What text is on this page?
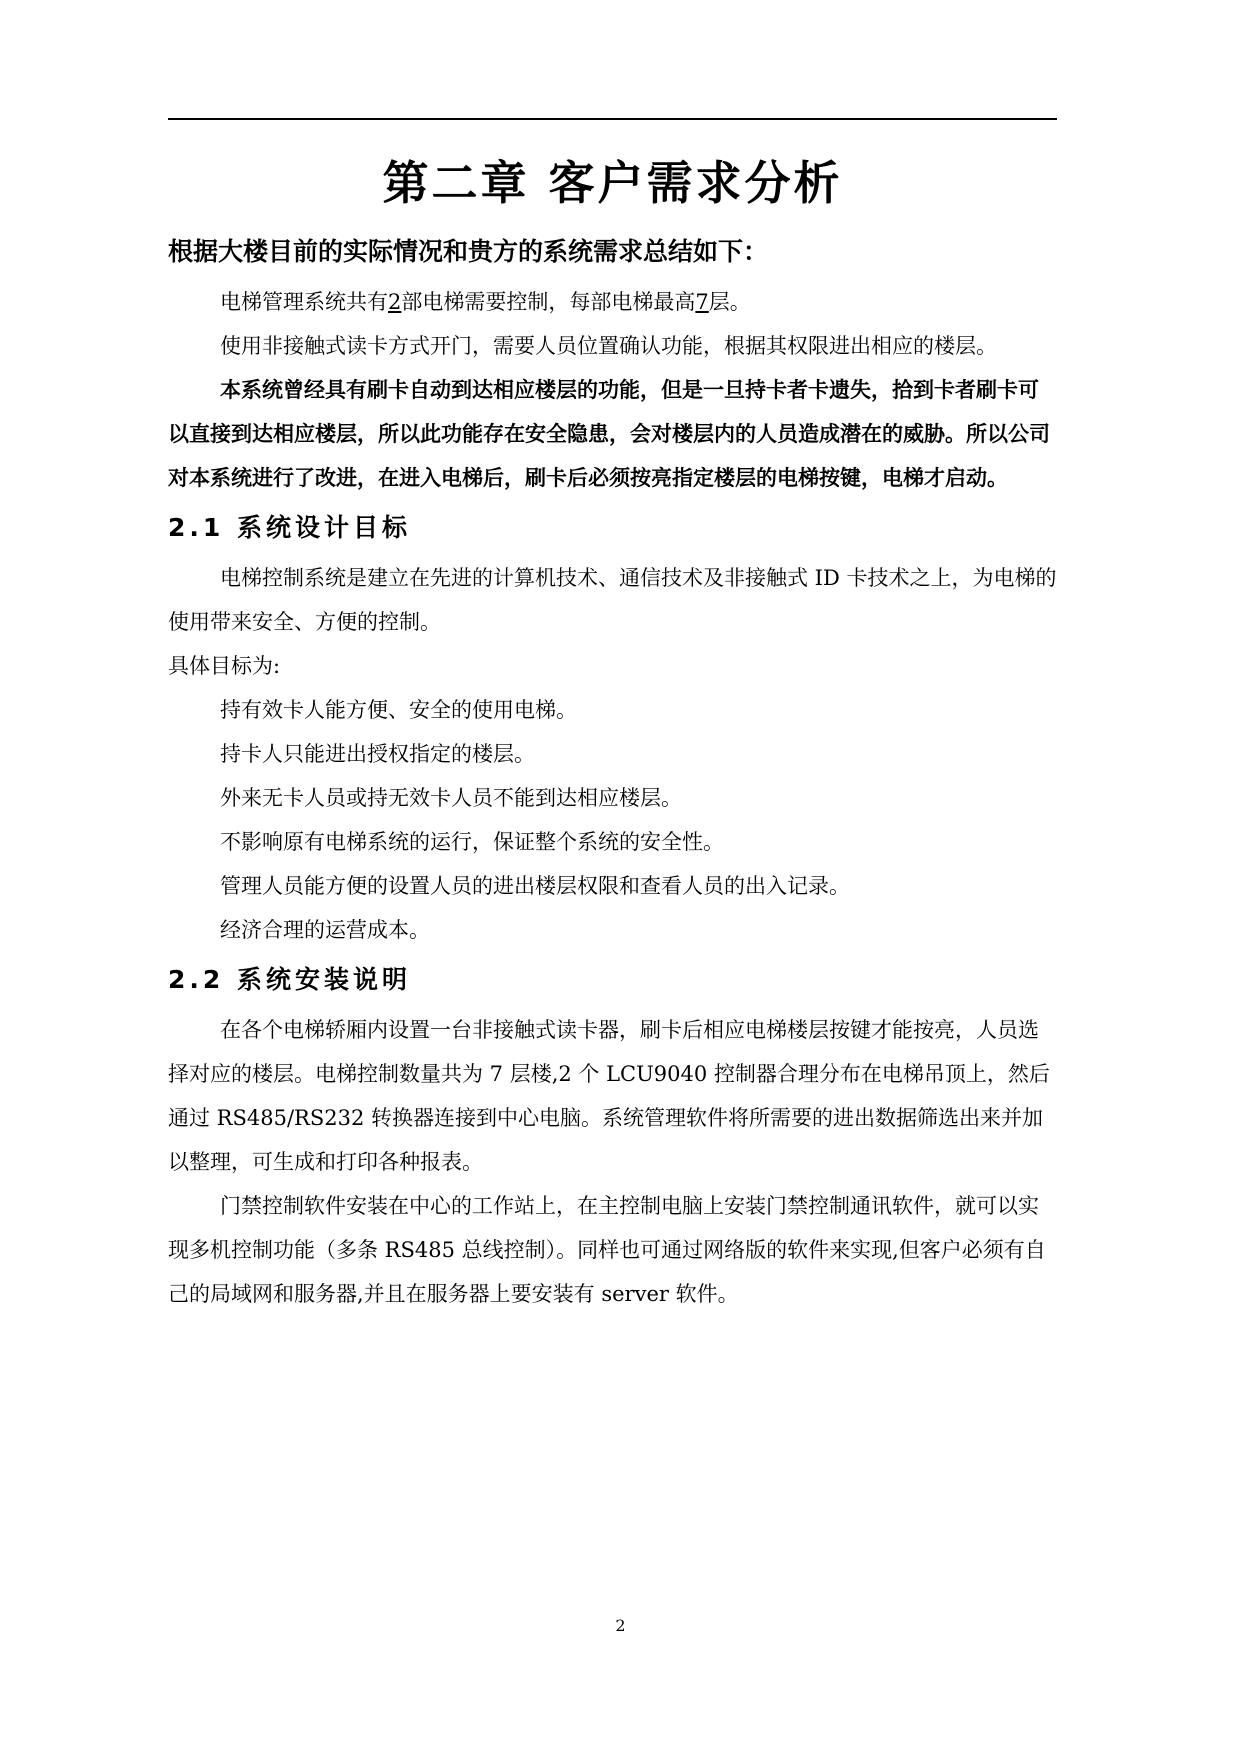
第二章 客户需求分析
根据大楼目前的实际情况和贵方的系统需求总结如下：

电梯管理系统共有2部电梯需要控制，每部电梯最高7层。

使用非接触式读卡方式开门，需要人员位置确认功能，根据其权限进出相应的楼层。

本系统曾经具有刷卡自动到达相应楼层的功能，但是一旦持卡者卡遗失，拾到卡者刷卡可以直接到达相应楼层，所以此功能存在安全隐患，会对楼层内的人员造成潜在的威胁。所以公司对本系统进行了改进，在进入电梯后，刷卡后必须按亮指定楼层的电梯按键，电梯才启动。

2.1 系统设计目标

电梯控制系统是建立在先进的计算机技术、通信技术及非接触式 ID 卡技术之上，为电梯的使用带来安全、方便的控制。

具体目标为:

持有效卡人能方便、安全的使用电梯。

持卡人只能进出授权指定的楼层。

外来无卡人员或持无效卡人员不能到达相应楼层。

不影响原有电梯系统的运行，保证整个系统的安全性。

管理人员能方便的设置人员的进出楼层权限和查看人员的出入记录。

经济合理的运营成本。

2.2 系统安装说明

在各个电梯轿厢内设置一台非接触式读卡器，刷卡后相应电梯楼层按键才能按亮，人员选择对应的楼层。电梯控制数量共为 7 层楼,2 个 LCU9040 控制器合理分布在电梯吊顶上，然后通过 RS485/RS232 转换器连接到中心电脑。系统管理软件将所需要的进出数据筛选出来并加以整理，可生成和打印各种报表。

门禁控制软件安装在中心的工作站上，在主控制电脑上安装门禁控制通讯软件，就可以实现多机控制功能（多条 RS485 总线控制）。同样也可通过网络版的软件来实现,但客户必须有自己的局域网和服务器,并且在服务器上要安装有 server 软件。

2
